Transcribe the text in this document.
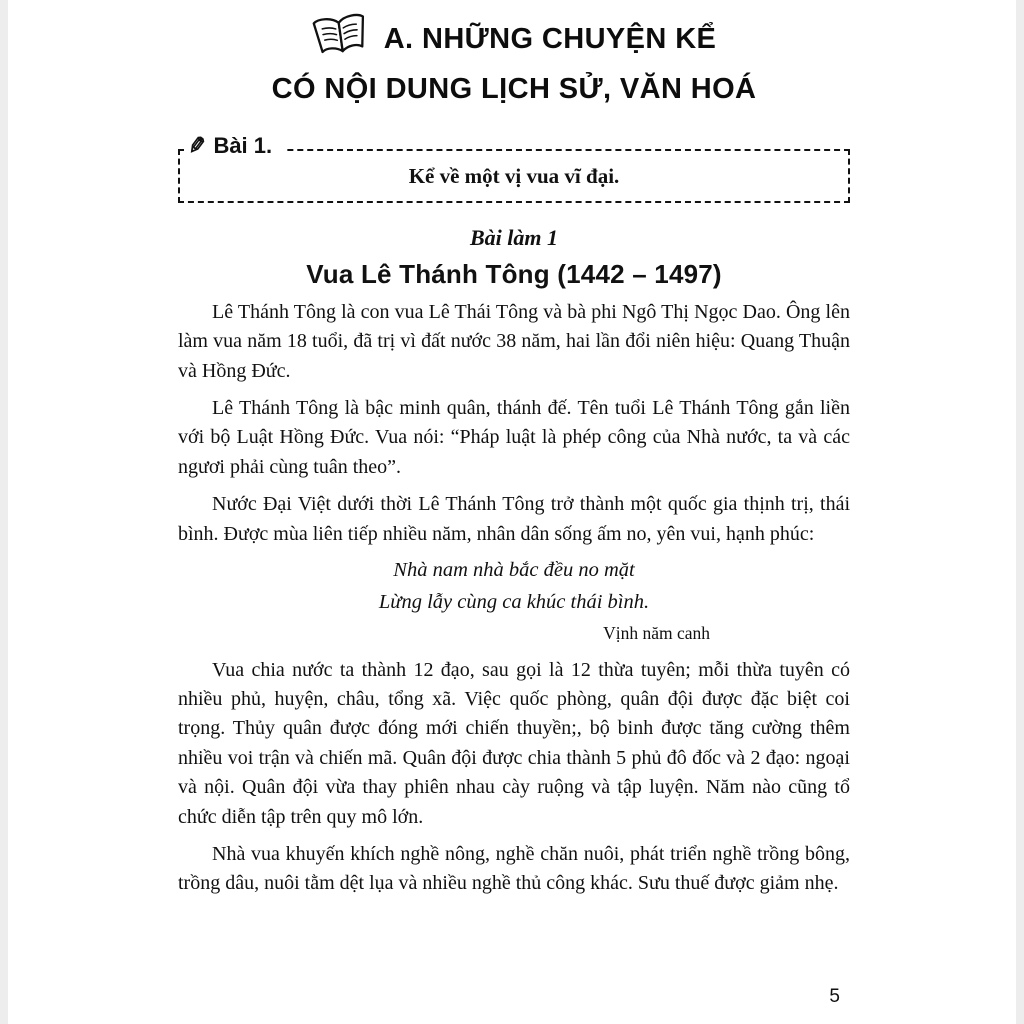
A. NHỮNG CHUYỆN KỂ
CÓ NỘI DUNG LỊCH SỬ, VĂN HOÁ
✎ Bài 1.
Kể về một vị vua vĩ đại.
Bài làm 1
Vua Lê Thánh Tông (1442 – 1497)

Lê Thánh Tông là con vua Lê Thái Tông và bà phi Ngô Thị Ngọc Dao. Ông lên làm vua năm 18 tuổi, đã trị vì đất nước 38 năm, hai lần đổi niên hiệu: Quang Thuận và Hồng Đức.

Lê Thánh Tông là bậc minh quân, thánh đế. Tên tuổi Lê Thánh Tông gắn liền với bộ Luật Hồng Đức. Vua nói: “Pháp luật là phép công của Nhà nước, ta và các ngươi phải cùng tuân theo”.

Nước Đại Việt dưới thời Lê Thánh Tông trở thành một quốc gia thịnh trị, thái bình. Được mùa liên tiếp nhiều năm, nhân dân sống ấm no, yên vui, hạnh phúc:

Nhà nam nhà bắc đều no mặt
Lừng lẫy cùng ca khúc thái bình.
Vịnh năm canh

Vua chia nước ta thành 12 đạo, sau gọi là 12 thừa tuyên; mỗi thừa tuyên có nhiều phủ, huyện, châu, tổng xã. Việc quốc phòng, quân đội được đặc biệt coi trọng. Thủy quân được đóng mới chiến thuyền;, bộ binh được tăng cường thêm nhiều voi trận và chiến mã. Quân đội được chia thành 5 phủ đô đốc và 2 đạo: ngoại và nội. Quân đội vừa thay phiên nhau cày ruộng và tập luyện. Năm nào cũng tổ chức diễn tập trên quy mô lớn.

Nhà vua khuyến khích nghề nông, nghề chăn nuôi, phát triển nghề trồng bông, trồng dâu, nuôi tằm dệt lụa và nhiều nghề thủ công khác. Sưu thuế được giảm nhẹ.

5
